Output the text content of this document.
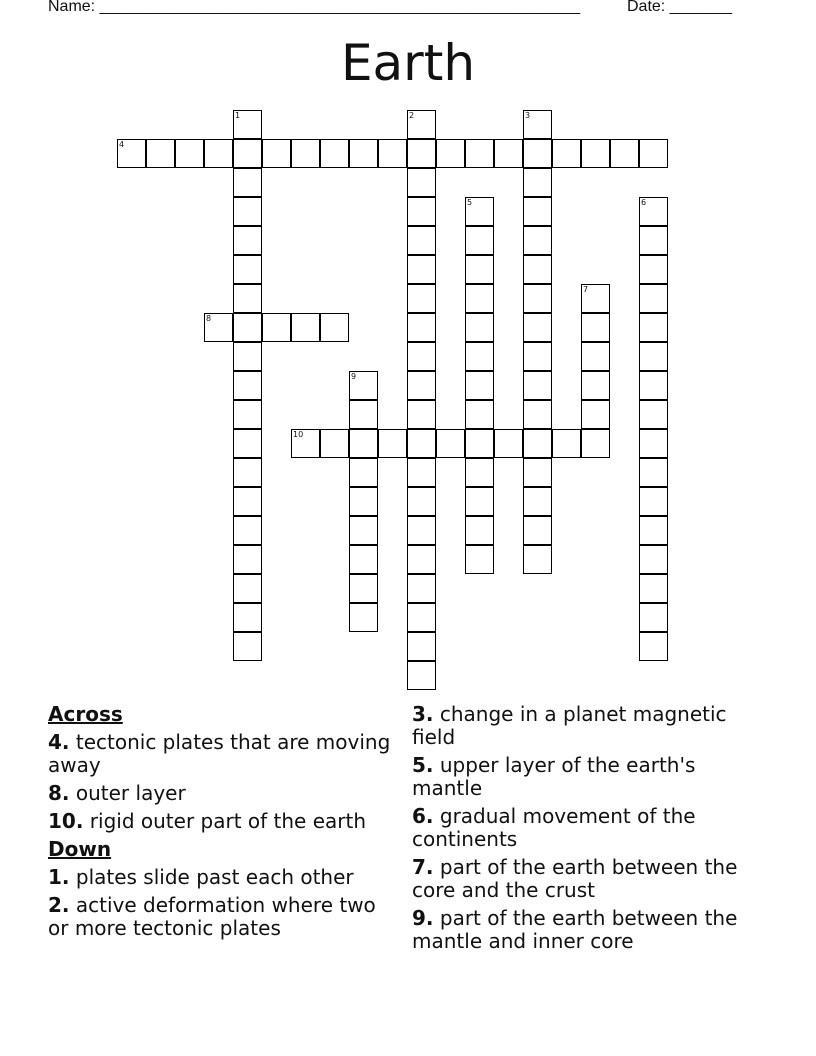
Name: ______________________________________________________	Date: _______
Earth
4
8
10
1	2	3
5	6
7
9
Across
4. tectonic plates that are moving away
8. outer layer
10. rigid outer part of the earth
Down
1. plates slide past each other
2. active deformation where two or more tectonic plates
3. change in a planet magnetic field
5. upper layer of the earth's mantle
6. gradual movement of the continents
7. part of the earth between the core and the crust
9. part of the earth between the mantle and inner core
